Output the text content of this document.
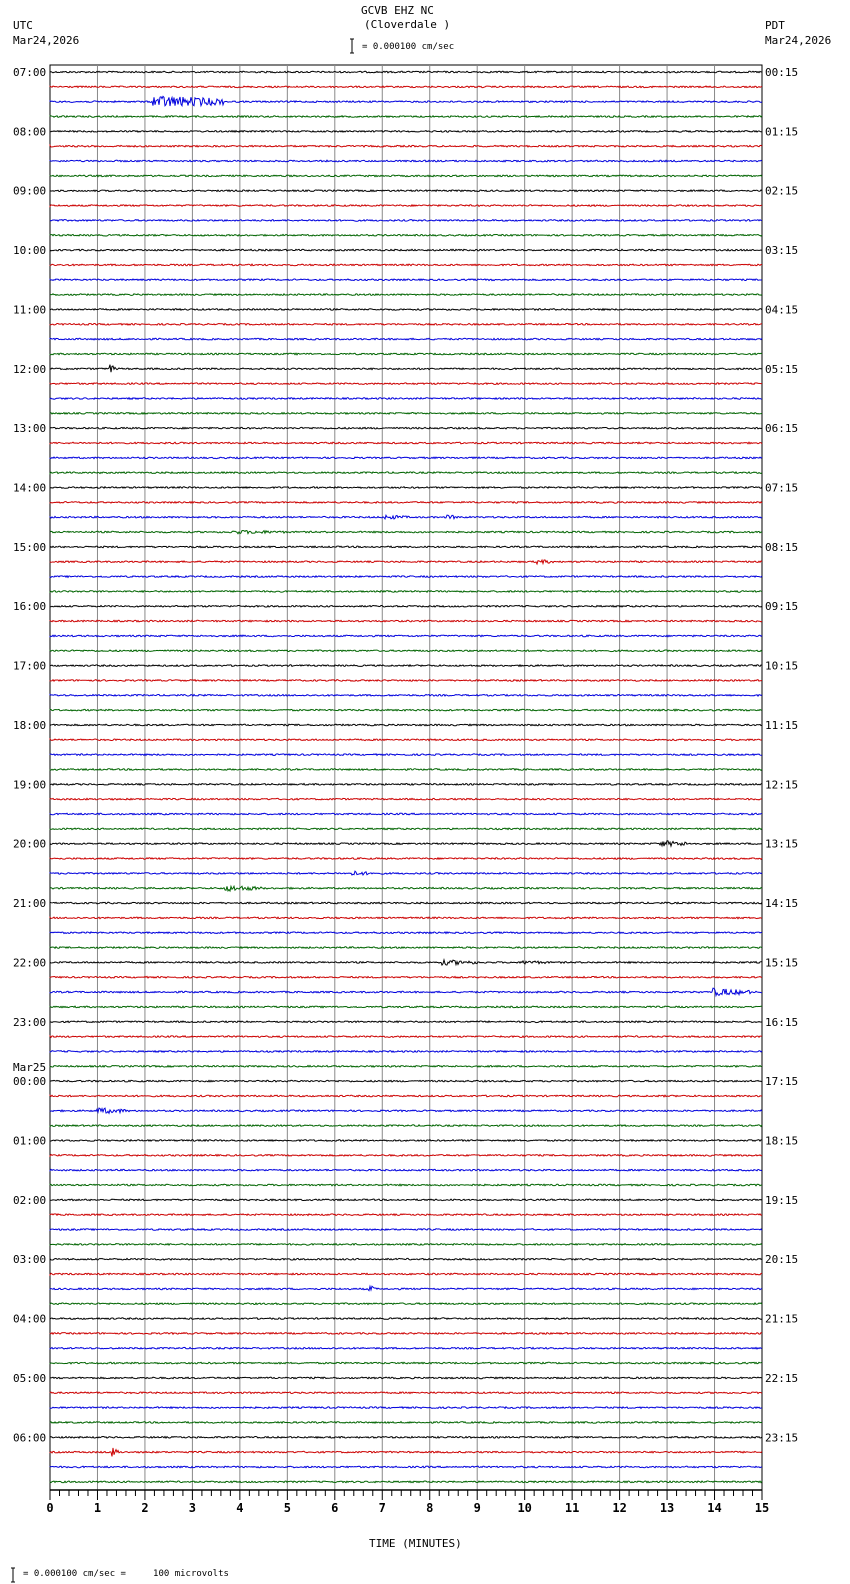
GCVB EHZ NC
(Cloverdale )
UTC
Mar24,2026
PDT
Mar24,2026
= 0.000100 cm/sec
TIME (MINUTES)
= 0.000100 cm/sec =     100 microvolts
07:00	00:15
08:00	01:15
09:00	02:15
10:00	03:15
11:00	04:15
12:00	05:15
13:00	06:15
14:00	07:15
15:00	08:15
16:00	09:15
17:00	10:15
18:00	11:15
19:00	12:15
20:00	13:15
21:00	14:15
22:00	15:15
23:00	16:15
00:00	17:15
01:00	18:15
02:00	19:15
03:00	20:15
04:00	21:15
05:00	22:15
06:00	23:15
Mar25
0	1	2	3	4	5	6	7	8	9	10	11	12	13	14	15
